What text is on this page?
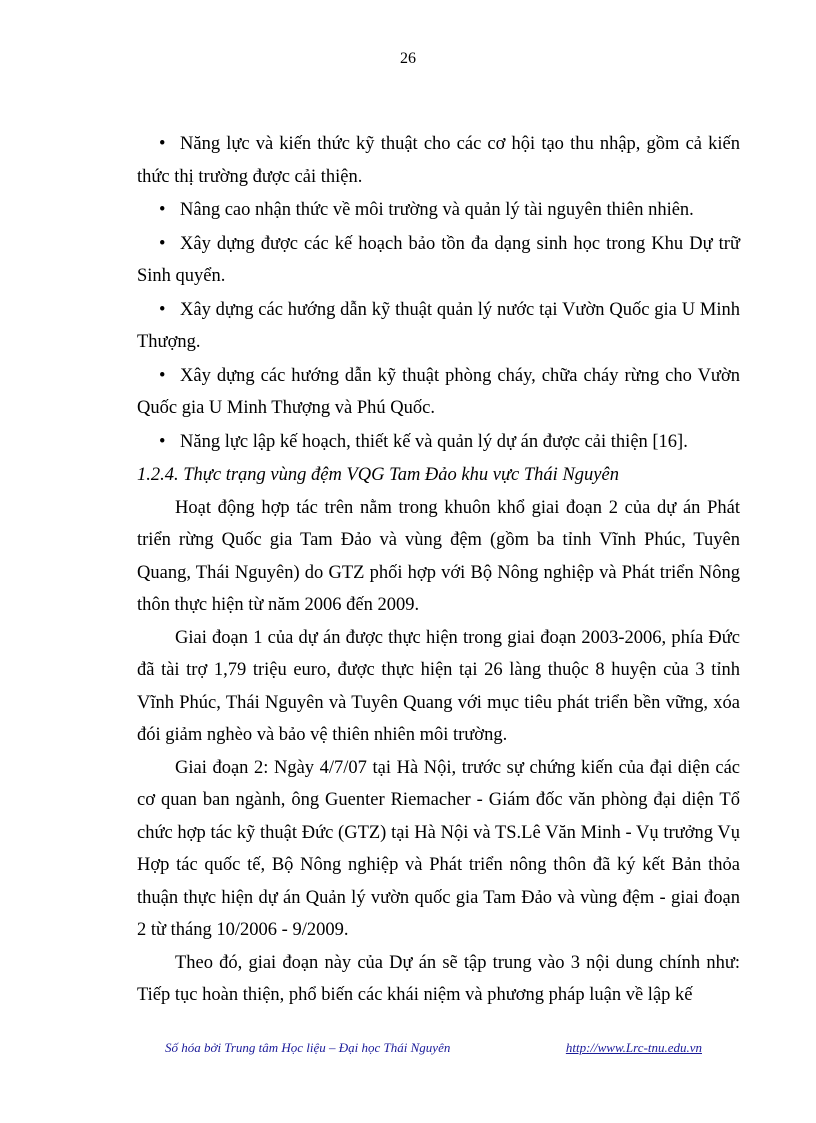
26

• Năng lực và kiến thức kỹ thuật cho các cơ hội tạo thu nhập, gồm cả kiến thức thị trường được cải thiện.

• Nâng cao nhận thức về môi trường và quản lý tài nguyên thiên nhiên.

• Xây dựng được các kế hoạch bảo tồn đa dạng sinh học trong Khu Dự trữ Sinh quyển.

• Xây dựng các hướng dẫn kỹ thuật quản lý nước tại Vườn Quốc gia U Minh Thượng.

• Xây dựng các hướng dẫn kỹ thuật phòng cháy, chữa cháy rừng cho Vườn Quốc gia U Minh Thượng và Phú Quốc.

• Năng lực lập kế hoạch, thiết kế và quản lý dự án được cải thiện [16].

1.2.4. Thực trạng vùng đệm VQG Tam Đảo khu vực Thái Nguyên

Hoạt động hợp tác trên nằm trong khuôn khổ giai đoạn 2 của dự án Phát triển rừng Quốc gia Tam Đảo và vùng đệm (gồm ba tỉnh Vĩnh Phúc, Tuyên Quang, Thái Nguyên) do GTZ phối hợp với Bộ Nông nghiệp và Phát triển Nông thôn thực hiện từ năm 2006 đến 2009.

Giai đoạn 1 của dự án được thực hiện trong giai đoạn 2003-2006, phía Đức đã tài trợ 1,79 triệu euro, được thực hiện tại 26 làng thuộc 8 huyện của 3 tỉnh Vĩnh Phúc, Thái Nguyên và Tuyên Quang với mục tiêu phát triển bền vững, xóa đói giảm nghèo và bảo vệ thiên nhiên môi trường.

Giai đoạn 2: Ngày 4/7/07 tại Hà Nội, trước sự chứng kiến của đại diện các cơ quan ban ngành, ông Guenter Riemacher - Giám đốc văn phòng đại diện Tổ chức hợp tác kỹ thuật Đức (GTZ) tại Hà Nội và TS.Lê Văn Minh - Vụ trưởng Vụ Hợp tác quốc tế, Bộ Nông nghiệp và Phát triển nông thôn đã ký kết Bản thỏa thuận thực hiện dự án Quản lý vườn quốc gia Tam Đảo và vùng đệm - giai đoạn 2 từ tháng 10/2006 - 9/2009.

Theo đó, giai đoạn này của Dự án sẽ tập trung vào 3 nội dung chính như: Tiếp tục hoàn thiện, phổ biến các khái niệm và phương pháp luận về lập kế

Số hóa bởi Trung tâm Học liệu – Đại học Thái Nguyên	http://www.Lrc-tnu.edu.vn
